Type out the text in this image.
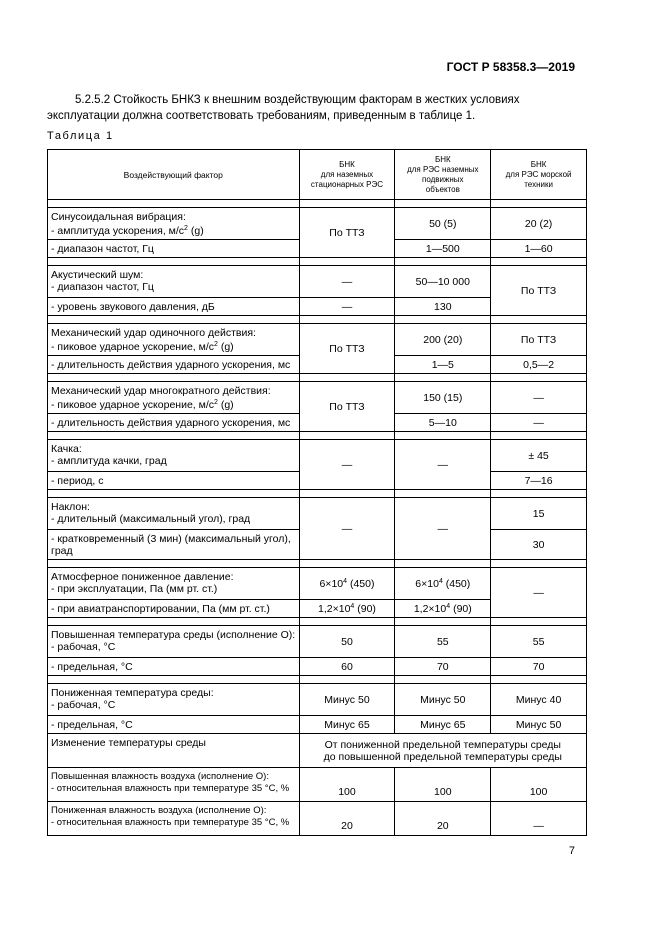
ГОСТ Р 58358.3—2019
5.2.5.2 Стойкость БНКЗ к внешним воздействующим факторам в жестких условиях эксплуатации должна соответствовать требованиям, приведенным в таблице 1.
Таблица 1
Воздействующий фактор	БНК
для наземных
стационарных РЭС	БНК
для РЭС наземных
подвижных
объектов	БНК
для РЭС морской
техники

Синусоидальная вибрация:
- амплитуда ускорения, $м/с^2$ (g)	По ТТЗ	50 (5)	20 (2)
- диапазон частот, Гц		1—500	1—60

Акустический шум:
- диапазон частот, Гц	—	50—10 000	По ТТЗ
- уровень звукового давления, дБ	—	130	

Механический удар одиночного действия:
- пиковое ударное ускорение, $м/с^2$ (g)	По ТТЗ	200 (20)	По ТТЗ
- длительность действия ударного ускорения, мс		1—5	0,5—2

Механический удар многократного действия:
- пиковое ударное ускорение, $м/с^2$ (g)	По ТТЗ	150 (15)	—
- длительность действия ударного ускорения, мс		5—10	—

Качка:
- амплитуда качки, град	—	—	± 45
- период, с			7—16

Наклон:
- длительный (максимальный угол), град	—	—	15

- кратковременный (3 мин) (максимальный угол),
град			30

Атмосферное пониженное давление:
- при эксплуатации, Па (мм рт. ст.)	$6\times 10^4$ (450)	$6\times 10^4$ (450)	—
- при авиатранспортировании, Па (мм рт. ст.)	$1,2\times 10^4$ (90)	$1,2\times 10^4$ (90)	

Повышенная температура среды (исполнение О):
- рабочая, °С	50	55	55
- предельная, °С	60	70	70

Пониженная температура среды:
- рабочая, °С	Минус 50	Минус 50	Минус 40
- предельная, °С	Минус 65	Минус 65	Минус 50
Изменение температуры среды	От пониженной предельной температуры среды
до повышенной предельной температуры среды		

Повышенная влажность воздуха (исполнение О):
- относительная влажность при температуре 35 °С, %	100	100	100

Пониженная влажность воздуха (исполнение О):
- относительная влажность при температуре 35 °С, %	20	20	—
7
